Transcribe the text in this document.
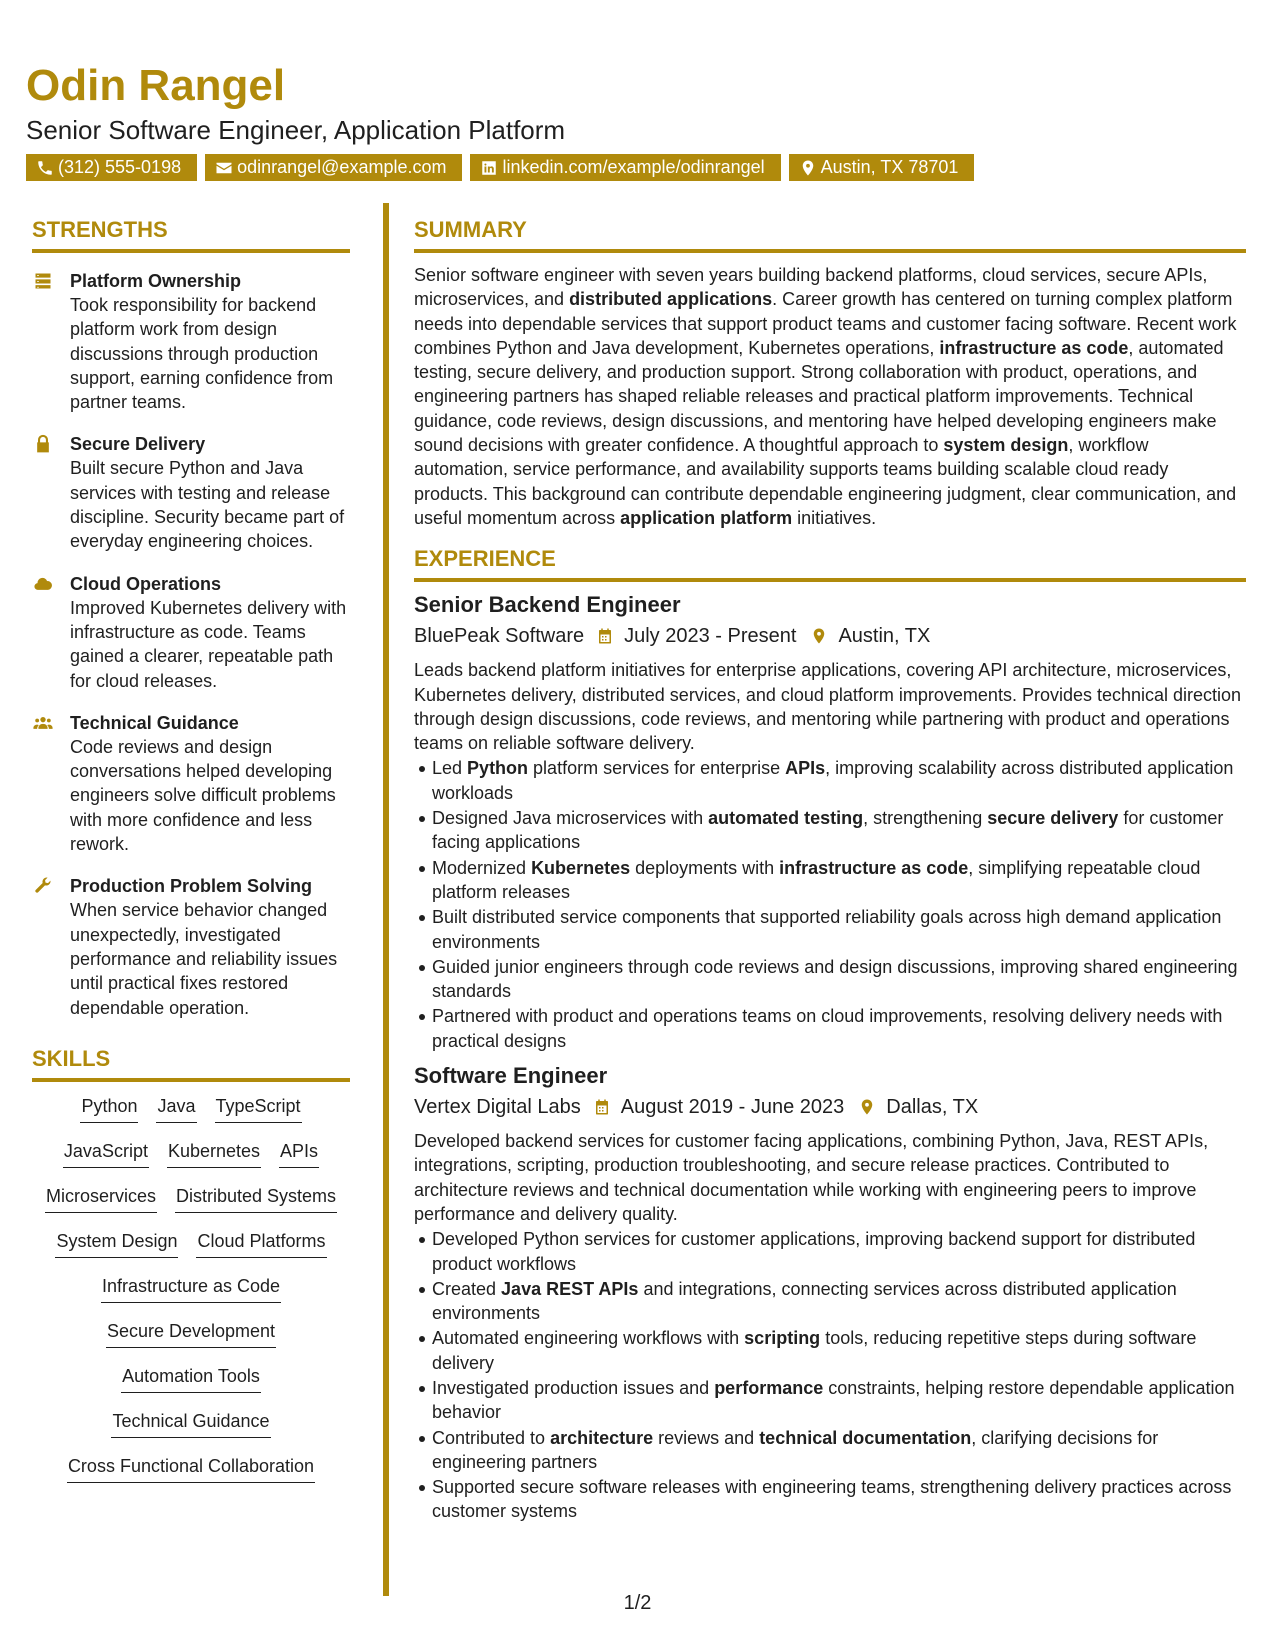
Odin Rangel
Senior Software Engineer, Application Platform
(312) 555-0198	odinrangel@example.com	linkedin.com/example/odinrangel	Austin, TX 78701
STRENGTHS
Platform Ownership
Took responsibility for backend platform work from design discussions through production support, earning confidence from partner teams.
Secure Delivery
Built secure Python and Java services with testing and release discipline. Security became part of everyday engineering choices.
Cloud Operations
Improved Kubernetes delivery with infrastructure as code. Teams gained a clearer, repeatable path for cloud releases.
Technical Guidance
Code reviews and design conversations helped developing engineers solve difficult problems with more confidence and less rework.
Production Problem Solving
When service behavior changed unexpectedly, investigated performance and reliability issues until practical fixes restored dependable operation.
SKILLS
Python Java TypeScript
JavaScript Kubernetes APIs
Microservices Distributed Systems
System Design Cloud Platforms
Infrastructure as Code
Secure Development
Automation Tools
Technical Guidance
Cross Functional Collaboration
SUMMARY

Senior software engineer with seven years building backend platforms, cloud services, secure APIs, microservices, and distributed applications. Career growth has centered on turning complex platform needs into dependable services that support product teams and customer facing software. Recent work combines Python and Java development, Kubernetes operations, infrastructure as code, automated testing, secure delivery, and production support. Strong collaboration with product, operations, and engineering partners has shaped reliable releases and practical platform improvements. Technical guidance, code reviews, design discussions, and mentoring have helped developing engineers make sound decisions with greater confidence. A thoughtful approach to system design, workflow automation, service performance, and availability supports teams building scalable cloud ready products. This background can contribute dependable engineering judgment, clear communication, and useful momentum across application platform initiatives.

EXPERIENCE
Senior Backend Engineer
BluePeak Software July 2023 - Present Austin, TX
Leads backend platform initiatives for enterprise applications, covering API architecture, microservices, Kubernetes delivery, distributed services, and cloud platform improvements. Provides technical direction through design discussions, code reviews, and mentoring while partnering with product and operations teams on reliable software delivery.
Led Python platform services for enterprise APIs, improving scalability across distributed application workloads
Designed Java microservices with automated testing, strengthening secure delivery for customer facing applications
Modernized Kubernetes deployments with infrastructure as code, simplifying repeatable cloud platform releases
Built distributed service components that supported reliability goals across high demand application environments
Guided junior engineers through code reviews and design discussions, improving shared engineering standards
Partnered with product and operations teams on cloud improvements, resolving delivery needs with practical designs
Software Engineer
Vertex Digital Labs August 2019 - June 2023 Dallas, TX
Developed backend services for customer facing applications, combining Python, Java, REST APIs, integrations, scripting, production troubleshooting, and secure release practices. Contributed to architecture reviews and technical documentation while working with engineering peers to improve performance and delivery quality.
Developed Python services for customer applications, improving backend support for distributed product workflows
Created Java REST APIs and integrations, connecting services across distributed application environments
Automated engineering workflows with scripting tools, reducing repetitive steps during software delivery
Investigated production issues and performance constraints, helping restore dependable application behavior
Contributed to architecture reviews and technical documentation, clarifying decisions for engineering partners
Supported secure software releases with engineering teams, strengthening delivery practices across customer systems
1/2
